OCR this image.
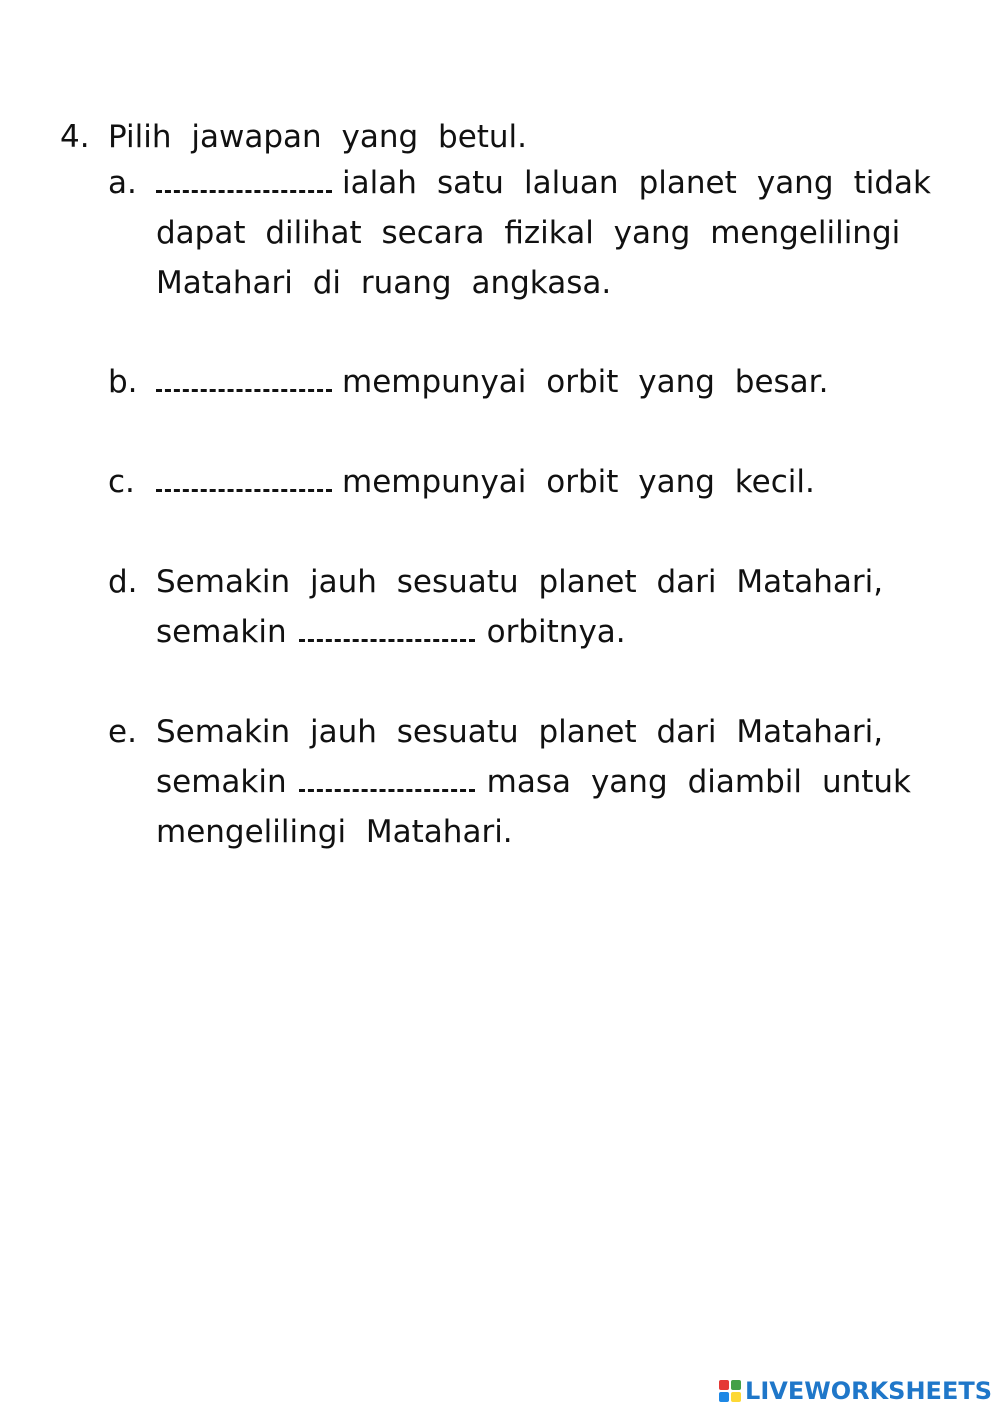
4. Pilih jawapan yang betul.
a.	ialah satu laluan planet yang tidak
dapat dilihat secara fizikal yang mengelilingi
Matahari di ruang angkasa.
b.	mempunyai orbit yang besar.
c.	mempunyai orbit yang kecil.
d. Semakin jauh sesuatu planet dari Matahari,
semakin	orbitnya.
e. Semakin jauh sesuatu planet dari Matahari,
semakin	masa yang diambil untuk
mengelilingi Matahari.
LIVEWORKSHEETS
